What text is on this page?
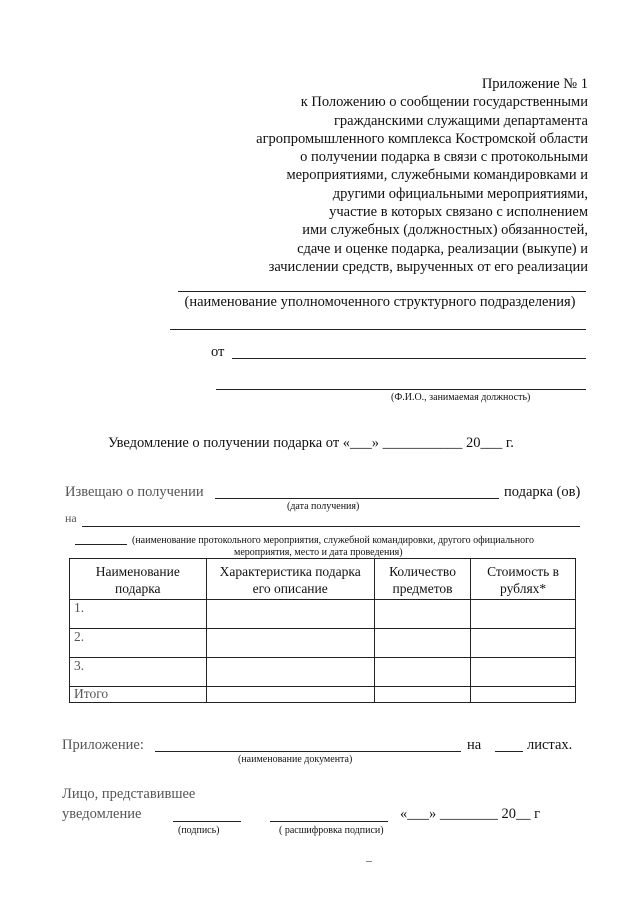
Приложение № 1
к Положению о сообщении государственными
гражданскими служащими департамента
агропромышленного комплекса Костромской области
о получении подарка в связи с протокольными
мероприятиями, служебными командировками и
другими официальными мероприятиями,
участие в которых связано с исполнением
ими служебных (должностных) обязанностей,
сдаче и оценке подарка, реализации (выкупе) и
зачислении средств, вырученных от его реализации
(наименование уполномоченного структурного подразделения)
от
(Ф.И.О., занимаемая должность)
Уведомление о получении подарка от «___» ___________ 20___ г.
Извещаю о получении	подарка (ов)
(дата получения)
на
(наименование протокольного мероприятия, служебной командировки, другого официального
мероприятия, место и дата проведения)
Наименование подарка	Характеристика подарка его описание	Количество предметов	Стоимость в рублях*
1.			
2.			
3.			
Итого			
Приложение:	на	листах.
(наименование документа)
Лицо, представившее
уведомление	«___» ________ 20__ г
(подпись)	( расшифровка подписи)
